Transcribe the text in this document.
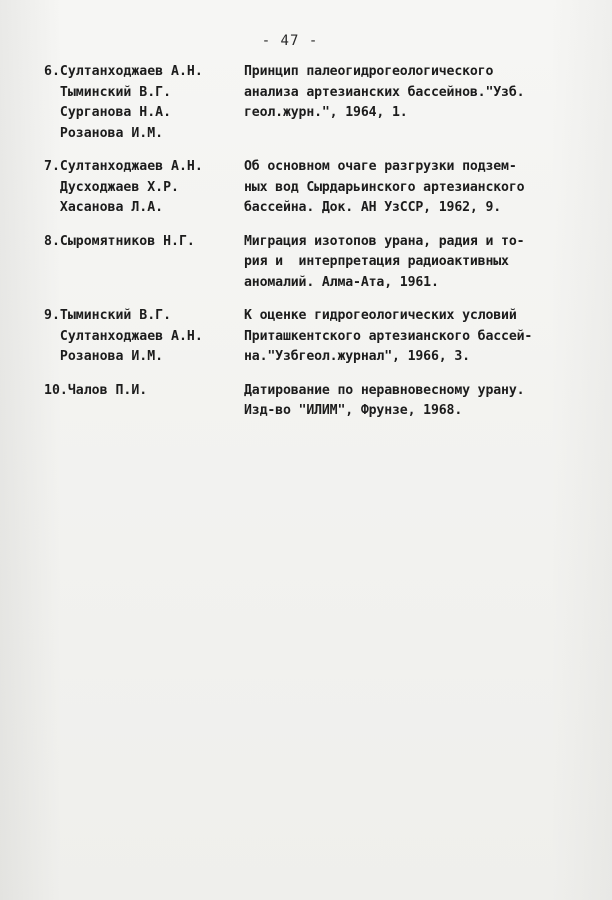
- 47 -
6.Султанходжаев А.Н.
Тыминский В.Г.
Сурганова Н.А.
Розанова И.М.
Принцип палеогидрогеологического
анализа артезианских бассейнов."Узб.
геол.журн.", 1964, 1.
7.Султанходжаев А.Н.
Дусходжаев Х.Р.
Хасанова Л.А.
Об основном очаге разгрузки подзем-
ных вод Сырдарьинского артезианского
бассейна. Док. АН УзССР, 1962, 9.
8.Сыромятников Н.Г.	Миграция изотопов урана, радия и то-
рия и  интерпретация радиоактивных
аномалий. Алма-Ата, 1961.
9.Тыминский В.Г.
Султанходжаев А.Н.
Розанова И.М.
К оценке гидрогеологических условий
Приташкентского артезианского бассей-
на."Узбгеол.журнал", 1966, 3.
10.Чалов П.И.	Датирование по неравновесному урану.
Изд-во "ИЛИМ", Фрунзе, 1968.
